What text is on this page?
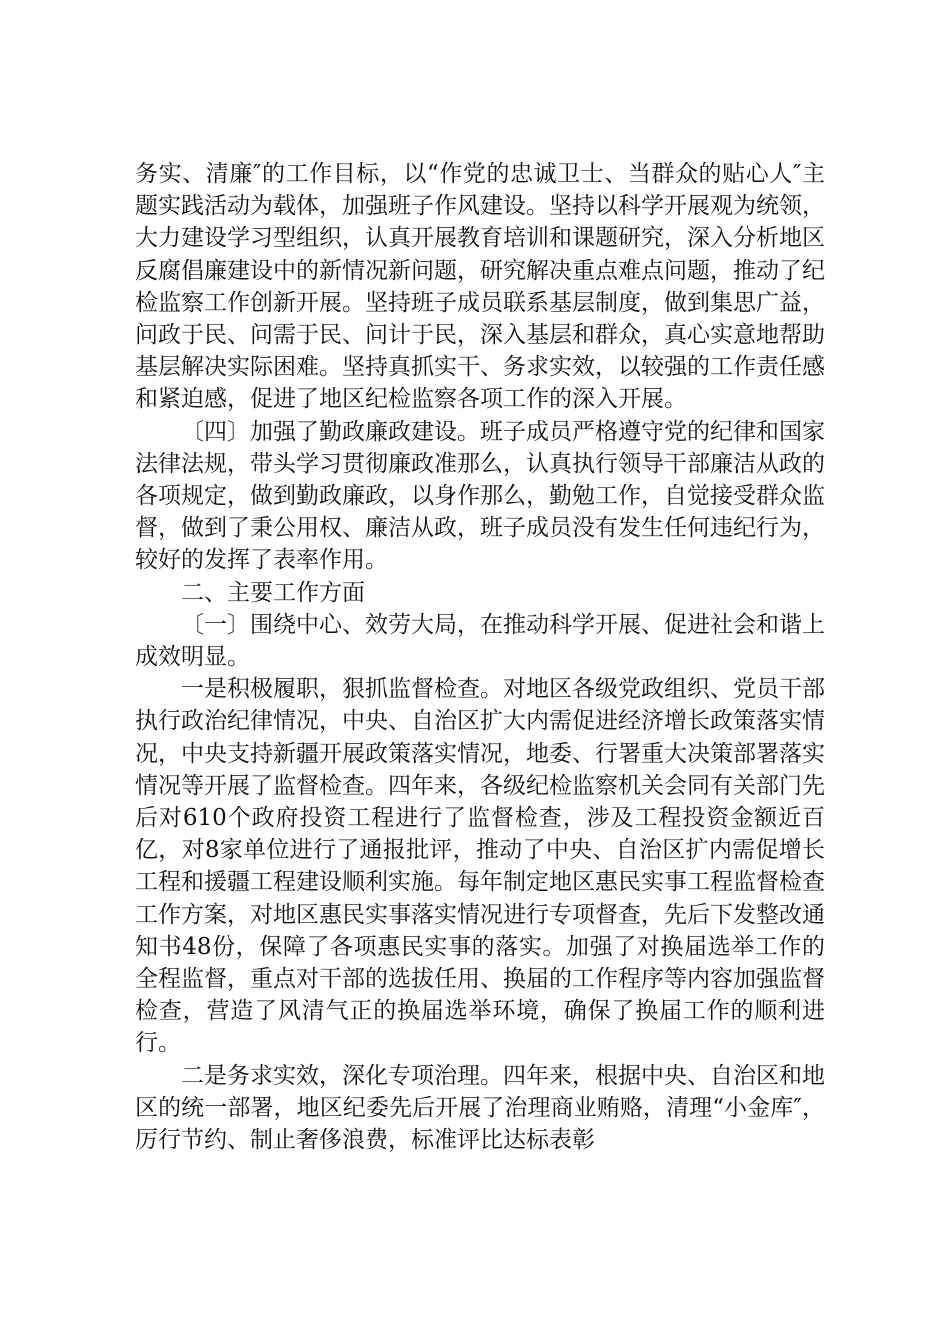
务实、清廉″的工作目标，以“作党的忠诚卫士、当群众的贴心人″主题实践活动为载体，加强班子作风建设。坚持以科学开展观为统领，大力建设学习型组织，认真开展教育培训和课题研究，深入分析地区反腐倡廉建设中的新情况新问题，研究解决重点难点问题，推动了纪检监察工作创新开展。坚持班子成员联系基层制度，做到集思广益，问政于民、问需于民、问计于民，深入基层和群众，真心实意地帮助基层解决实际困难。坚持真抓实干、务求实效，以较强的工作责任感和紧迫感，促进了地区纪检监察各项工作的深入开展。

〔四〕加强了勤政廉政建设。班子成员严格遵守党的纪律和国家法律法规，带头学习贯彻廉政准那么，认真执行领导干部廉洁从政的各项规定，做到勤政廉政，以身作那么，勤勉工作，自觉接受群众监督，做到了秉公用权、廉洁从政，班子成员没有发生任何违纪行为，较好的发挥了表率作用。

二、主要工作方面

〔一〕围绕中心、效劳大局，在推动科学开展、促进社会和谐上成效明显。

一是积极履职，狠抓监督检查。对地区各级党政组织、党员干部执行政治纪律情况，中央、自治区扩大内需促进经济增长政策落实情况，中央支持新疆开展政策落实情况，地委、行署重大决策部署落实情况等开展了监督检查。四年来，各级纪检监察机关会同有关部门先后对610个政府投资工程进行了监督检查，涉及工程投资金额近百亿，对8家单位进行了通报批评，推动了中央、自治区扩内需促增长工程和援疆工程建设顺利实施。每年制定地区惠民实事工程监督检查工作方案，对地区惠民实事落实情况进行专项督查，先后下发整改通知书48份，保障了各项惠民实事的落实。加强了对换届选举工作的全程监督，重点对干部的选拔任用、换届的工作程序等内容加强监督检查，营造了风清气正的换届选举环境，确保了换届工作的顺利进行。

二是务求实效，深化专项治理。四年来，根据中央、自治区和地区的统一部署，地区纪委先后开展了治理商业贿赂，清理“小金库″，厉行节约、制止奢侈浪费，标准评比达标表彰
